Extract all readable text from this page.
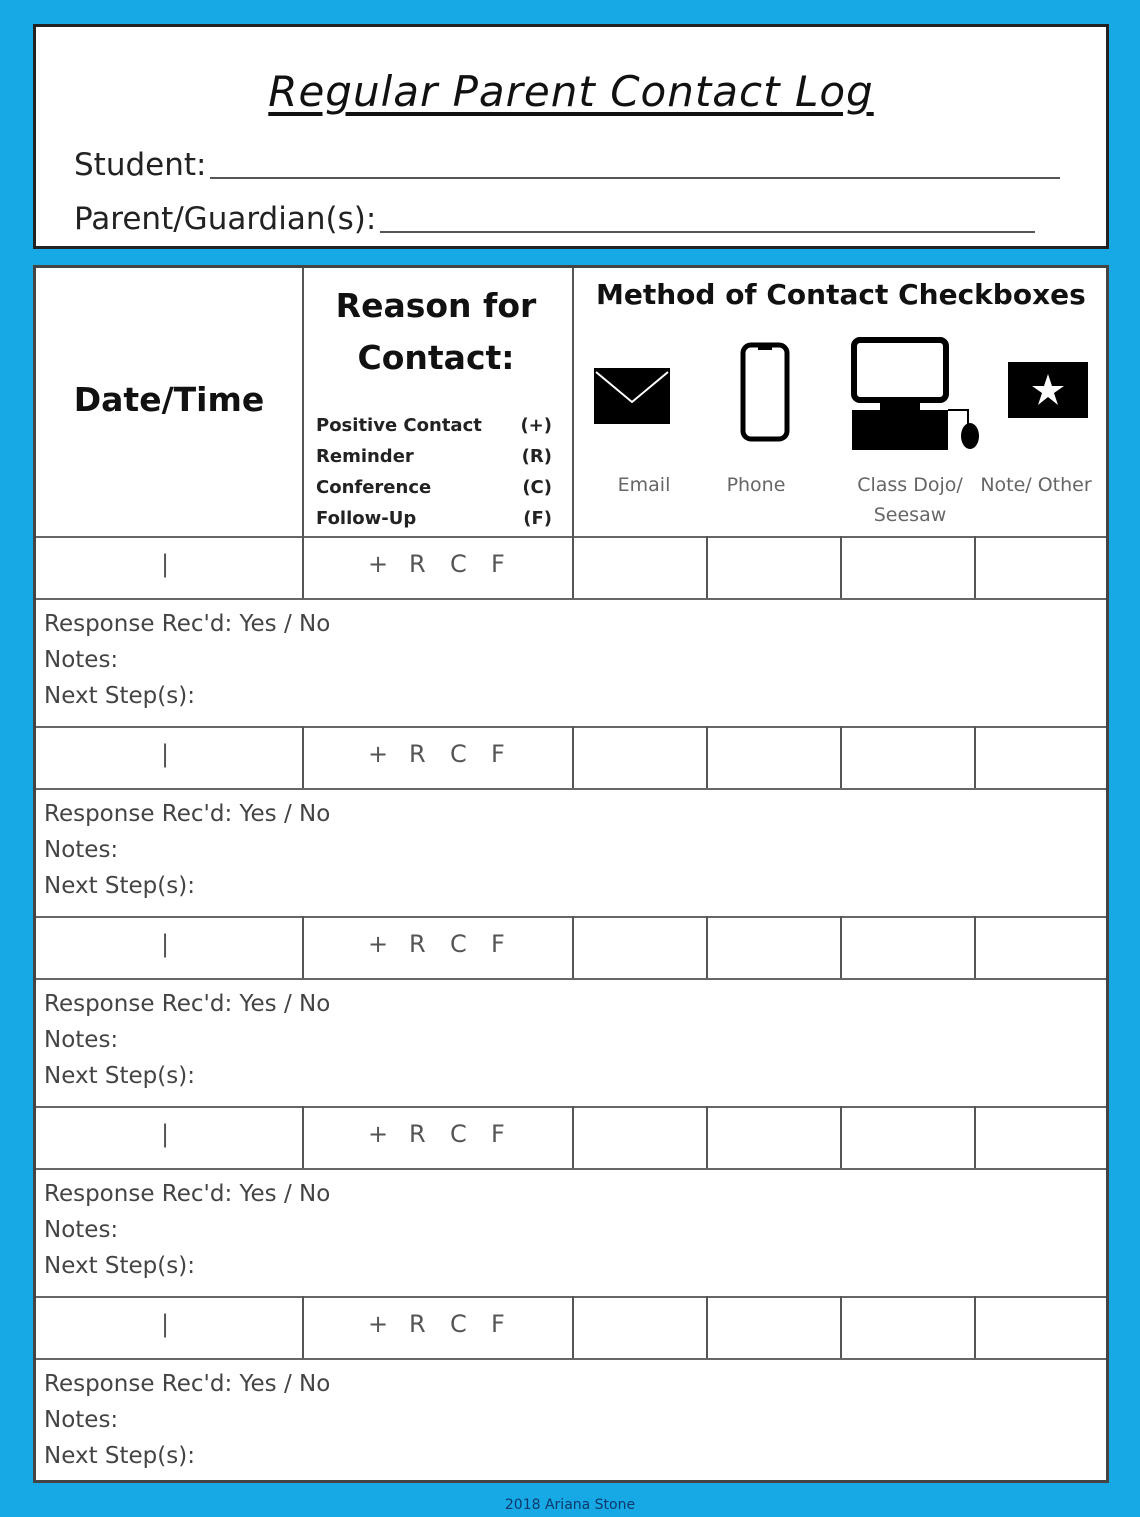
Regular Parent Contact Log
Student:
Parent/Guardian(s):
Date/Time
Reason for Contact:
Positive Contact (+)
Reminder	(R)
Conference	(C)
Follow-Up	(F)
Method of Contact Checkboxes
Email	Phone	Class Dojo/ Seesaw
Note/ Other
|	+ R C F
Response Rec'd: Yes / No
Notes:
Next Step(s):
|	+ R C F
Response Rec'd: Yes / No
Notes:
Next Step(s):
|	+ R C F
Response Rec'd: Yes / No
Notes:
Next Step(s):
|	+ R C F
Response Rec'd: Yes / No
Notes:
Next Step(s):
|	+ R C F
Response Rec'd: Yes / No
Notes:
Next Step(s):
2018 Ariana Stone
